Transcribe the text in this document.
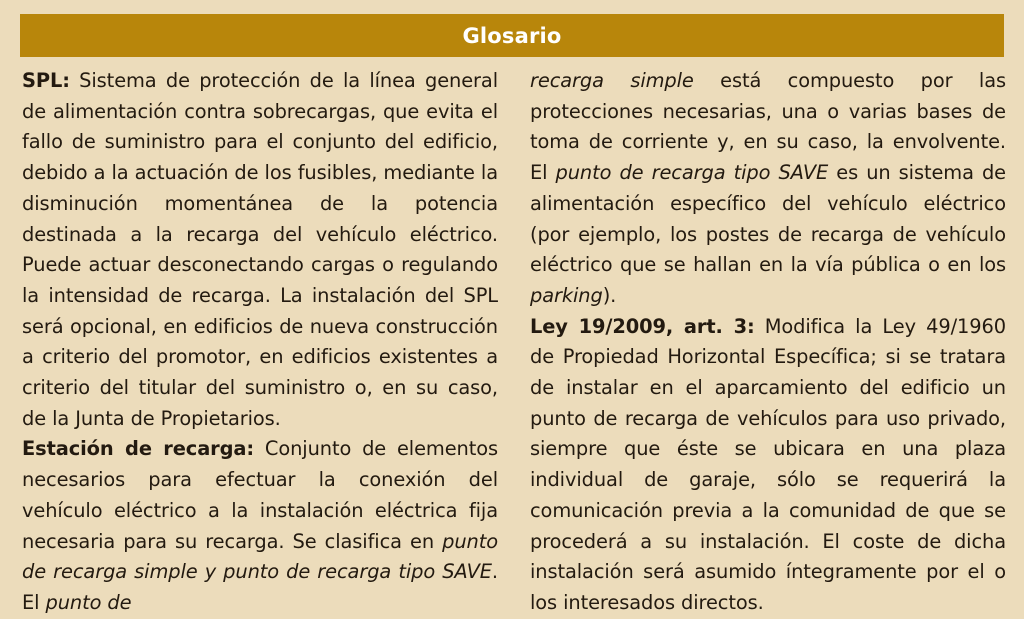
Glosario

SPL: Sistema de protección de la línea general de alimentación contra sobrecargas, que evita el fallo de suministro para el conjunto del edificio, debido a la actuación de los fusibles, mediante la disminución momentánea de la potencia destinada a la recarga del vehículo eléctrico. Puede actuar desconectando cargas o regulando la intensidad de recarga. La instalación del SPL será opcional, en edificios de nueva construcción a criterio del promotor, en edificios existentes a criterio del titular del suministro o, en su caso, de la Junta de Propietarios.

Estación de recarga: Conjunto de elementos necesarios para efectuar la conexión del vehículo eléctrico a la instalación eléctrica fija necesaria para su recarga. Se clasifica en punto de recarga simple y punto de recarga tipo SAVE. El punto de

recarga simple está compuesto por las protecciones necesarias, una o varias bases de toma de corriente y, en su caso, la envolvente. El punto de recarga tipo SAVE es un sistema de alimentación específico del vehículo eléctrico (por ejemplo, los postes de recarga de vehículo eléctrico que se hallan en la vía pública o en los parking).

Ley 19/2009, art. 3: Modifica la Ley 49/1960 de Propiedad Horizontal Específica; si se tratara de instalar en el aparcamiento del edificio un punto de recarga de vehículos para uso privado, siempre que éste se ubicara en una plaza individual de garaje, sólo se requerirá la comunicación previa a la comunidad de que se procederá a su instalación. El coste de dicha instalación será asumido íntegramente por el o los interesados directos.
